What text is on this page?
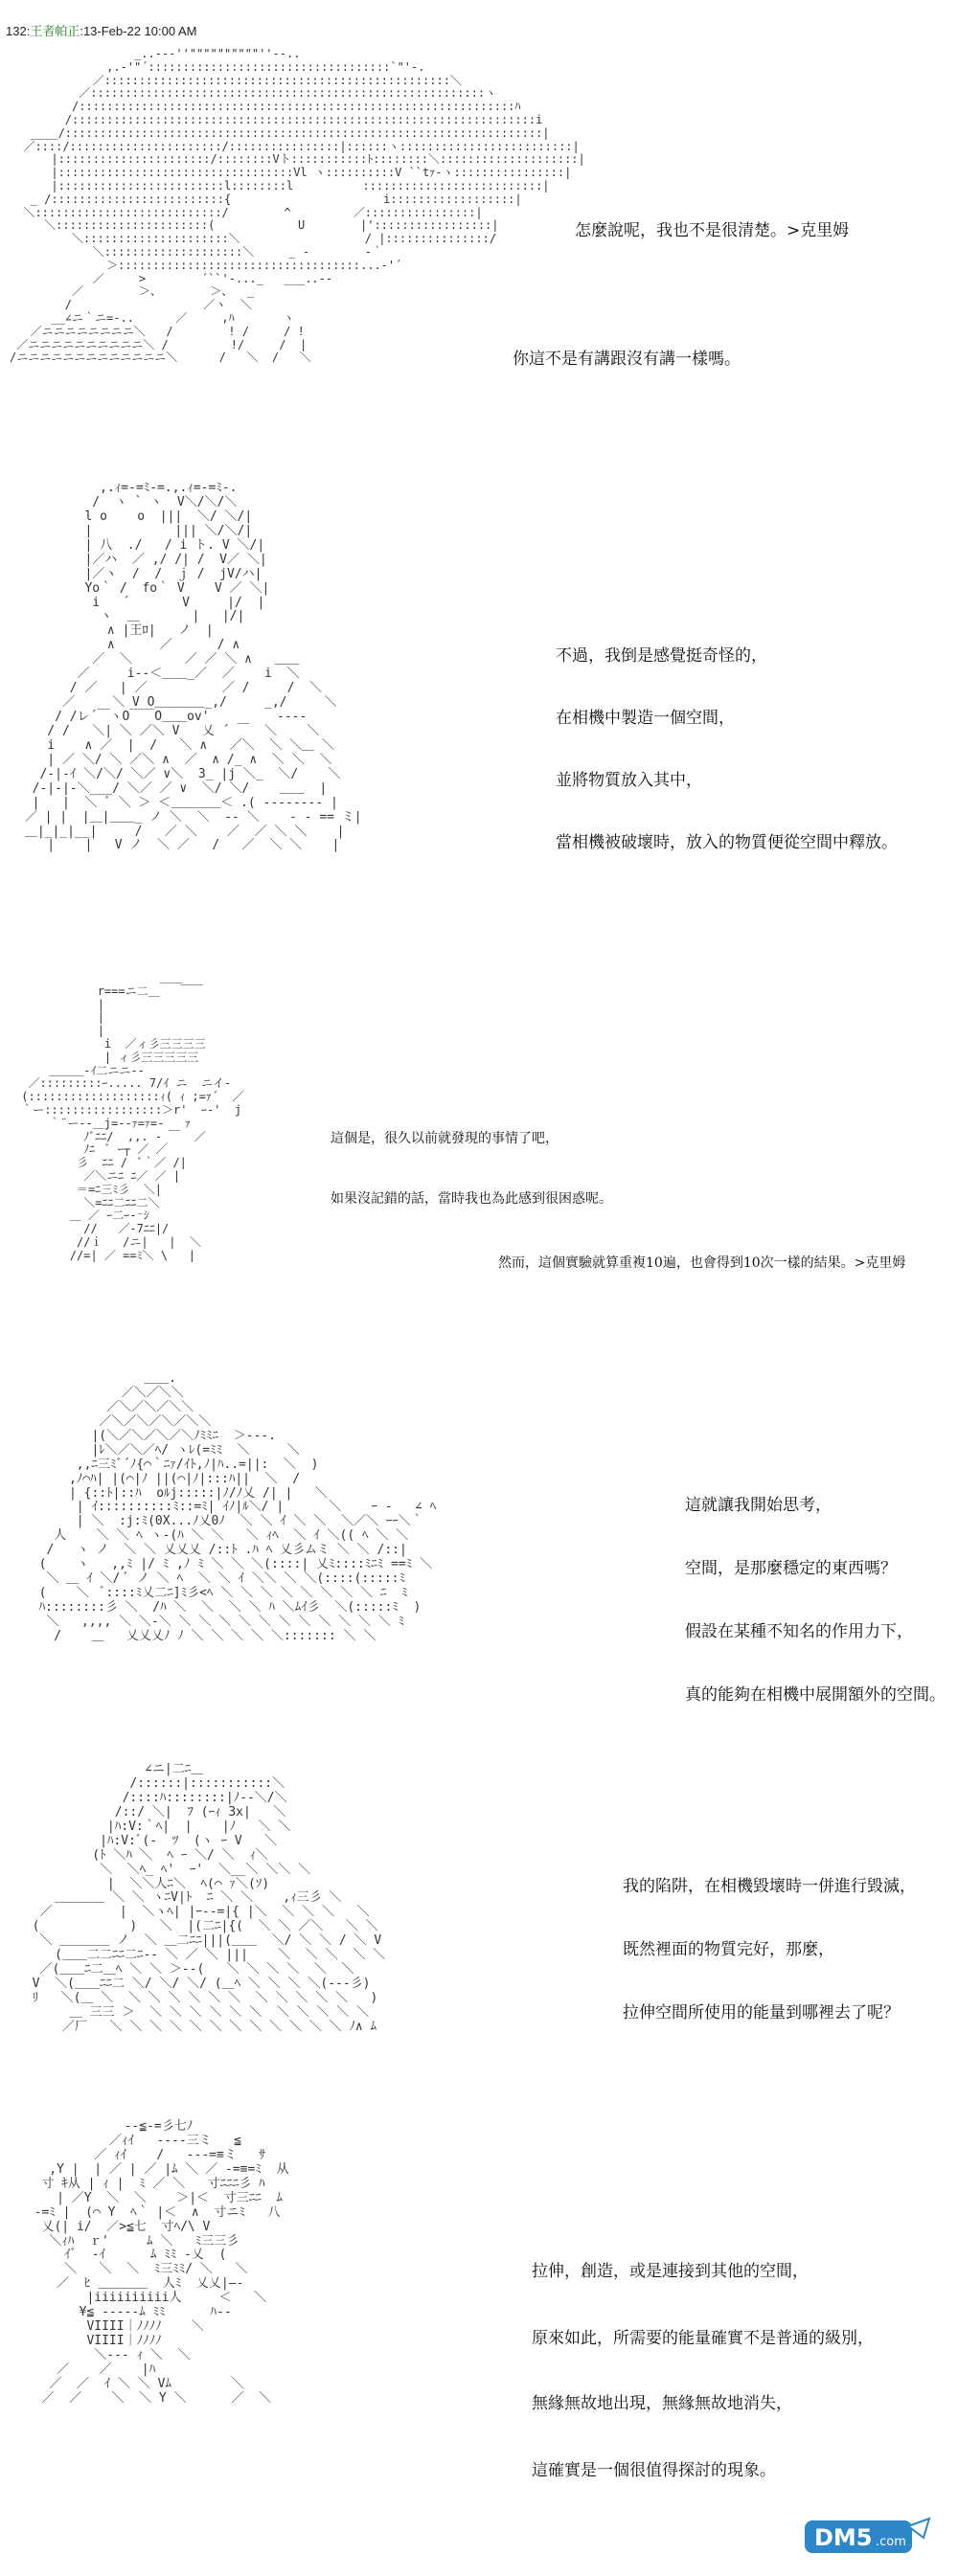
132:王者帕正:13-Feb-22 10:00 AM
_..--‐''""""""""""''‐-..
,.‐'"´:::::::::::::::::::::::::::::::::::`"'‐.
／::::::::::::::::::::::::::::::::::::::::::::::::::＼
／:::::::::::::::::::::::::::::::::::::::::::::::::::::::::ヽ
/:::::::::::::::::::::::::::::::::::::::::::::::::::::::::::::::ﾊ
/:::::::::::::::::::::::::::::::::::::::::::::::::::::::::::::::::::i
____/:::::::::::::::::::::::::::::::::::::::::::::::::::::::::::::::::::::|
／::::/::::::::::::::::::::::/::::::::::::::::|::::::ヽ:::::::::::::::::::::::::|
|::::::::::::::::::::::/::::::::Vト:::::::::::ﾄ::::::::＼::::::::::::::::::::|
|::::::::::::::::::::::::::::::::::Vl ヽ::::::::::V ``tｧ‐ヽ::::::::::::::::|
|::::::::::::::::::::::::l::::::::l          ::::::::::::::::::::::::::|
_ /:::::::::::::::::::::::::{                      i::::::::::::::::::|
＼:::::::::::::::::::::::::::/        ^         ／::::::::::::::::|
＼::::::::::::::::::::::(            U        |':::::::::::::::::|
＼:::::::::::::::::::::＼                  / |:::::::::::::::/
＼::::::::::::::::::::＼     _ ‐        ‐｀
＞:::::::::::::::::::::::::::::::::::...‐'´
／     >        ´``'‐..._   ___..-‐
／        ＞、       ＞、  _
/                   ／ヽ  ＼
__∠ニ｀ニ=-..      ／     ,ﾊ       ヽ
／ニニニニニニニニ＼   /        ! /     / !
／ニニニニニニニニニニ＼ /         !/     /  |
/ニニニニニニニニニニニニニ＼      /   ＼  /   ＼
怎麼說呢，我也不是很清楚。>克里姆
你這不是有講跟沒有講一樣嗎。
,.ｨ=‐=ﾐ‐=.,.ｨ=‐=ﾐ‐.
/  ヽ ` ヽ  V＼/＼/＼
l o    o  |||  ＼/ ＼/|
|           ||| ＼/＼/|
| 八  ./   / i ト. V ＼/|
|／ハ  ／ ,/ /| /  V／ ＼|
|／ヽ  /  /  ｊ /  jV/ハ|
Yo｀ /  fo｀ V    V ／ ＼|
i   ´       V     |/  |
ヽ  ＿       |   |/|
∧ |王ﾛ|   ノ  |
∧      ／      / ∧
／  ＼       ／ ／ ＼ ∧   ＿＿
／     i‐‐＜＿＿_／  ／    i  ＼
/ ／   | ／          ／ /     /  ＼
／     ＼ V O＿＿＿＿_,/     _,/     ＼
/ /レ´￣ヽO￣￣O＿＿ov'         ‐‐‐‐
/ /   ＼| ＼ ／＼ V   乂 ´ ￣  ＼    ＼
i    ∧ ／  |  /   ＼ ∧   ／＼  ＼ ＼＿ ＼
| ／ ＼/ ＼ ／＼ ∧  ／  ∧ /_ ∧  ＼ ＼  ＼
/-|‐ｲ ＼/＼/ ＼／ ∨＼  3_ |j ＼_  ＼/    ＼
/‐|‐|‐＼___/ ＼／ ／ ∨  ＼/ ＼/    ＿＿  |
|   |  ＼ ﾞ ＼ ＞ ＜＿＿＿＿＜ .( ‐‐‐‐‐‐‐‐ |
／ | |  |＿|＿＿_ ノ ＼  ＼  ‐‐ ＼    ‐ ‐ == ミ|
＿|_|_|__|     /   ／ ＼    ／  ／ ＼ ＼    |
|    |   V ノ  ＼ ／   /   ／  ＼ ＼    |
不過，我倒是感覺挺奇怪的，
在相機中製造一個空間，
並將物質放入其中，
當相機被破壞時，放入的物質便從空間中釋放。
＿＿
r===ニ二＿   ￣￣
|
|
|
i  ／ィ彡三三三三
| ィ彡三三三三三
＿＿＿-ｲ二ニニ‐-
／:::::::::ｰ..... 7/ｲ ニ  ニイ-
(:::::::::::::::::::ｨ( ｨ ;=ｧ´  ／
｀ー:::::::::::::::::＞r'  ｰ‐'  j
｀¨ー‐‐＿j=‐‐ｧ=ｧ=‐   ｧ
ﾉﾞﾆﾆ/  ,,. ‐ ￣  ／
ﾉﾆ  ﾞ ｰ┬ ／ ／
彡  ﾆﾆ /  ﾞ｀／ /|
／＼ニﾆ ﾆ／ ／ |
＝=ﾆ三ﾐ彡  ＼|
＼=ﾆﾆ二ﾆﾆ二＼
＿ ／ ｰ二ｰ-⁻ｼ
//   ／‐7ﾆﾆ|/
//ｉ   /ニ|   |  ＼
//=| ／ ==ﾐ＼ \   |
這個是，很久以前就發現的事情了吧，
如果沒記錯的話，當時我也為此感到很困惑呢。
然而，這個實驗就算重複10遍，也會得到10次一樣的結果。>克里姆
＿＿.
／＼／＼＼
／＼／＼／＼＼
／＼／＼／＼／＼＼
|(＼／＼／＼／＼ﾉﾐﾐﾆ  ＞‐‐-.
|ﾚ＼／＼／ﾍ/ ヽﾚ(=ﾐﾐ  ＼     ＼
,,ﾆ三ﾐﾞ´ﾉ{⌒｀ﾆｧ/ｲﾄ,ﾉ|ﾊ..=||:  ＼  )
,ﾉ⌒ﾊ| |(⌒|ﾉ ||(⌒|ﾉ|:::ﾊ||  ＼  /
| {::ﾄ|::ﾊ  oﾙj:::::|ﾉ/ﾉ乂 /| |   ＼
| ｲ::::::::::ﾐ::=ﾐ| ｲﾉ|ﾙ＼/ |      ＼    ｰ ‐   ∠ ﾍ
| ＼  :j:ﾐ(0X...ﾉ乂0ﾉ  ＼ ＼ ｲ ＼ ＼  ＼／＼ ｰｰ＼｀
人    ＼ ＼ ﾍ ヽ-(ﾊ ＼ ＼   ＼ ｨﾍ  ＼ ｲ ＼(( ﾍ ＼ ＼
/   ヽ ノ  ＼ ＼ 乂乂乂 /::ﾄ .ﾊ ﾍ 乂彡ムミ ＼ ＼ /::|
(    ヽ   ,,ﾐ |/ ﾐ ,ﾉ ﾐ ＼ ＼ ＼(::::| 乂ﾐ::::ﾐﾆﾐ ==ﾐ ＼
＼ ＿ ｲ ＼/ ﾞ ノ ＼ ﾍ  ＼ ＼ ｲ ＼＼ ＼ ＼(::::(:::::ﾐ
(    ＼  ﾞ::::ﾐ乂二ﾆ]ﾐ彡<ﾍ ＼ ＼ ＼ ＼ ＼ ＼ ＼ ＼ ﾆ  ﾐ
ﾊ::::::::彡 ＼  /ﾊ ＼  ＼  ＼ ＼ ﾊ ＼ﾑｲ彡  ＼(:::::ﾐ  )
＼   ,,,, ＼ ＼‐＼ ＼ ＼ ＼ ＼ ＼ ＼ ＼ ＼ ＼ ＼ ＼ ﾐ
/    ＿   乂乂乂ﾉ ﾉ ＼ ＼ ＼ ＼ ＼::::::: ＼ ＼
這就讓我開始思考，
空間，是那麼穩定的東西嗎？
假設在某種不知名的作用力下，
真的能夠在相機中展開額外的空間。
∠ニ|二ﾆ＿
/::::::|:::::::::::＼
/::::ﾊ::::::::|ﾉ‐‐＼/＼
/::/ ＼|  ﾌ (ｰｨ 3x|   ＼
|ﾊ:V:｀ﾍ|  |    |ﾉ   ＼ ＼
|ﾊ:V:ﾞ(‐  ﾂ  (ヽ ｰ V   ＼
(ﾄ ＼ﾊ ＼  ﾍ ｰ ＼/ ＼  ｨ＼
＼  ＼ﾍ_ ﾍ'  ｰ'  ＼__＼ ＼＼ ＼
|  ＼＼人ﾆ＼  ﾍ(⌒ ｧ＼(ｿ)
＿＿＿＿ ＼ ＼ ヽﾆV|ﾄ  ﾆ ＼ ＼    ,ｨ三彡 ＼
／         |  ＼ヽﾍ| |ｰ-‐=|{ |＼  ＼ ＼ ＼   ＼
(            )   ＼  |(二ﾆ|{(  ＼ ＼ ／＼   ＼ ＼
＼ ＿＿＿＿ ノ  ＼ ＿二ﾆﾆ|||(＿＿  ＼/ ＼ ＼ / ＼ V
(＿＿二二ﾆﾆ二ﾆ‐‐ ＼ ／ ＼ |||    ＼  ＼ ＼  ＼ ＼
／(＿＿ﾆ二＿ﾍ ＼ ＼ ＞‐-(   ＼ ＼ ＼ ＼  ＼  ＼
V  ＼(＿＿ﾆﾆ二 ＼/ ＼/ ＼/ (＿ﾍ ＼ ＼ ＼ ＼(‐‐‐彡)
ﾘ   ＼(＿ ＼  ＼ ＼ ＼ ＼ ＼ ＼  ＼ ＼ ＼ ＼ ＼   )
＿ 三三 ＞  ＼ ＼ ＼ ＼ ＼ ＼  ＼ ＼ ＼ ＼ ＼
／厂   ＼ ＼ ＼ ＼ ＼ ＼ ＼ ＼ ＼ ＼ ＼ ＼ ﾉ∧ ﾑ
我的陷阱，在相機毀壞時一併進行毀滅，
既然裡面的物質完好，那麼，
拉伸空間所使用的能量到哪裡去了呢？
‐‐≦‐=彡七ﾉ
／ｨｲ   ‐‐‐‐三ミ   ≦
／ ｨｲ    /   ‐‐‐=≡ミ   ｻ
,Y |  | ／ | ／ |ﾑ ＼ ／ ‐=≡=ﾐ  从
寸 ｷ从 | ｨ |  ﾐ ／ ＼   寸ﾆﾆﾆ彡 ﾊ
| ／Y  ＼  ＼    ＞|＜  寸三ﾆﾆ  ﾑ
‐=ﾐ |  (⌒ Y  ﾍ｀ |＜  ∧  寸ニﾐ   八
乂(| i/  ／>≦七  寸ﾍ/\ V
＼ｨﾊ  ｒ'     ﾑ ＼   ﾐ三三彡
ｲﾞ  ‐ｲ      ﾑ ﾐﾐ ‐乂  (
＼   ＼  ＼  ﾐ三ﾐﾐ/ ＼   ＼
／  ﾋ ＿＿＿＿  人ﾐ  乂乂|―‐
|iiiiiiiiii人     ＜   ＼
¥≦ ‐‐‐‐‐ﾑ ﾐﾐ      ﾊ‐‐
VIIII｜ﾉﾉﾉﾉ    ＼
VIIII｜ﾉﾉﾉﾉ
＼‐‐‐ ｨ ＼  ＼
／    ／    |ﾊ
／  ／  ｲ ＼ ＼ Vﾑ        ＼
／  ／    ＼  ＼ Y ＼      ／  ＼
拉伸，創造，或是連接到其他的空間，
原來如此，所需要的能量確實不是普通的級別，
無緣無故地出現，無緣無故地消失，
這確實是一個很值得探討的現象。
DM5 .com
